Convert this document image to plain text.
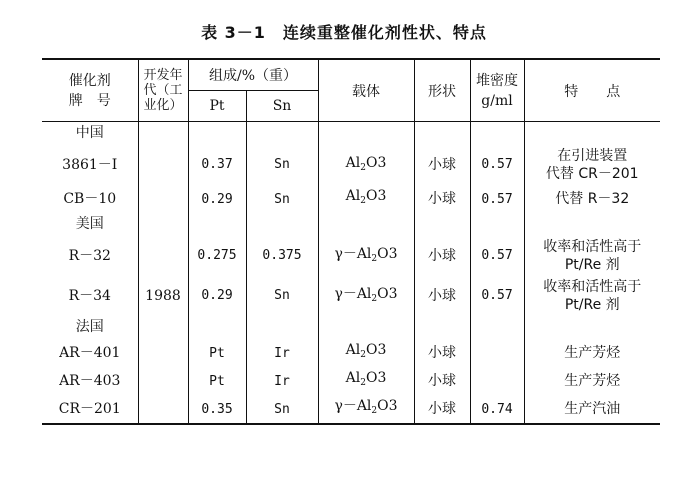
表 3－1　连续重整催化剂性状、特点
催化剂
牌　号	开发年
代（工
业化）	组成/%（重）		载体	形状	堆密度
g/ml	特　　点
		Pt	Sn				
中国							
3861－Ⅰ		0.37	Sn	$Al_2O3$	小球	0.57	在引进装置
代替 CR－201
CB－10		0.29	Sn	$Al_2O3$	小球	0.57	代替 R－32
美国							
R－32		0.275	0.375	$\gamma-Al_2O3$	小球	0.57	收率和活性高于
Pt/Re 剂
R－34	1988	0.29	Sn	$\gamma-Al_2O3$	小球	0.57	收率和活性高于
Pt/Re 剂
法国							
AR－401		Pt	Ir	$Al_2O3$	小球		生产芳烃
AR－403		Pt	Ir	$Al_2O3$	小球		生产芳烃
CR－201		0.35	Sn	$\gamma-Al_2O3$	小球	0.74	生产汽油
